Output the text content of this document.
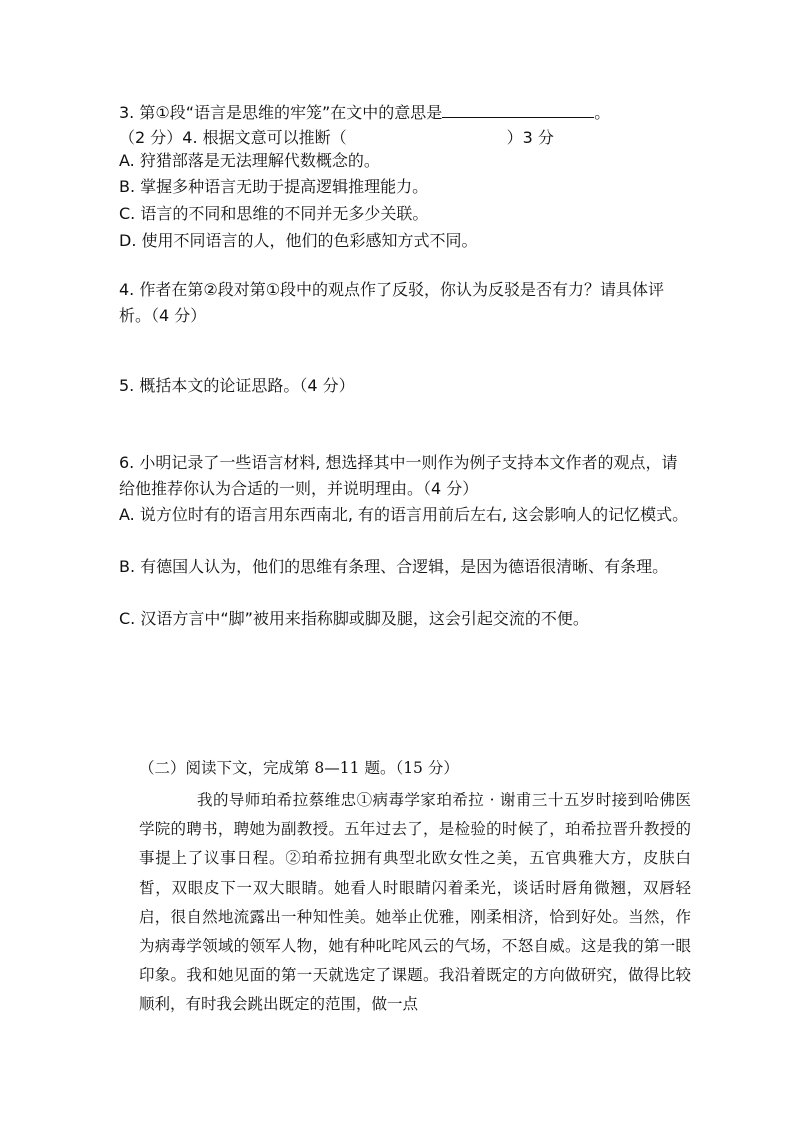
3. 第①段“语言是思维的牢笼”在文中的意思是	。
（2 分）4. 根据文意可以推断（　　　　　　　　　　）3 分
A. 狩猎部落是无法理解代数概念的。
B. 掌握多种语言无助于提高逻辑推理能力。
C. 语言的不同和思维的不同并无多少关联。
D. 使用不同语言的人，他们的色彩感知方式不同。
4. 作者在第②段对第①段中的观点作了反驳，你认为反驳是否有力？请具体评析。（4 分）
5. 概括本文的论证思路。（4 分）
6. 小明记录了一些语言材料, 想选择其中一则作为例子支持本文作者的观点，请给他推荐你认为合适的一则，并说明理由。（4 分）
A. 说方位时有的语言用东西南北, 有的语言用前后左右, 这会影响人的记忆模式。
B. 有德国人认为，他们的思维有条理、合逻辑，是因为德语很清晰、有条理。
C. 汉语方言中“脚”被用来指称脚或脚及腿，这会引起交流的不便。
（二）阅读下文，完成第 8—11 题。（15 分）
我的导师珀希拉蔡维忠①病毒学家珀希拉 · 谢甫三十五岁时接到哈佛医学院的聘书，聘她为副教授。五年过去了，是检验的时候了，珀希拉晋升教授的事提上了议事日程。②珀希拉拥有典型北欧女性之美，五官典雅大方，皮肤白皙，双眼皮下一双大眼睛。她看人时眼睛闪着柔光，谈话时唇角微翘，双唇轻启，很自然地流露出一种知性美。她举止优雅，刚柔相济，恰到好处。当然，作为病毒学领域的领军人物，她有种叱咤风云的气场，不怒自威。这是我的第一眼印象。我和她见面的第一天就选定了课题。我沿着既定的方向做研究，做得比较顺利，有时我会跳出既定的范围，做一点
